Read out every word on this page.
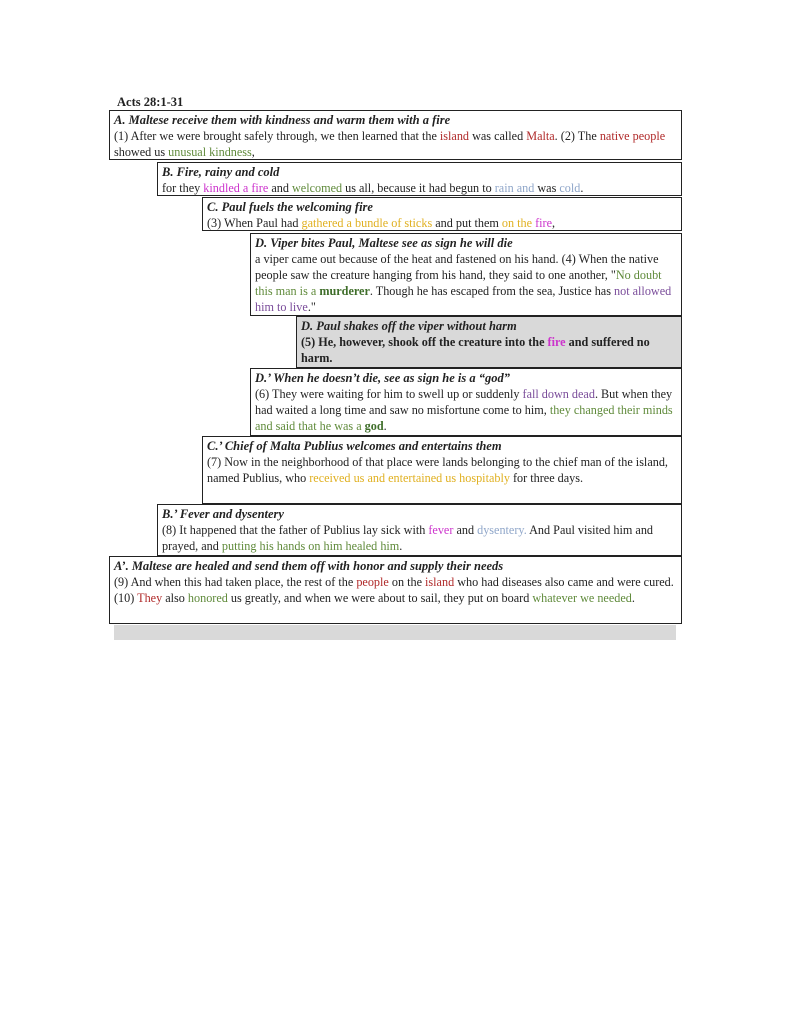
Acts 28:1-31
A. Maltese receive them with kindness and warm them with a fire
(1) After we were brought safely through, we then learned that the island was called Malta. (2) The native people showed us unusual kindness,
B. Fire, rainy and cold
for they kindled a fire and welcomed us all, because it had begun to rain and was cold.
C. Paul fuels the welcoming fire
(3) When Paul had gathered a bundle of sticks and put them on the fire,
D. Viper bites Paul, Maltese see as sign he will die
a viper came out because of the heat and fastened on his hand. (4) When the native people saw the creature hanging from his hand, they said to one another, "No doubt this man is a murderer. Though he has escaped from the sea, Justice has not allowed him to live."
D. Paul shakes off the viper without harm
(5) He, however, shook off the creature into the fire and suffered no harm.
D.’ When he doesn’t die, see as sign he is a “god”
(6) They were waiting for him to swell up or suddenly fall down dead. But when they had waited a long time and saw no misfortune come to him, they changed their minds and said that he was a god.
C.’ Chief of Malta Publius welcomes and entertains them
(7) Now in the neighborhood of that place were lands belonging to the chief man of the island, named Publius, who received us and entertained us hospitably for three days.
B.’ Fever and dysentery
(8) It happened that the father of Publius lay sick with fever and dysentery. And Paul visited him and prayed, and putting his hands on him healed him.
A’. Maltese are healed and send them off with honor and supply their needs
(9) And when this had taken place, the rest of the people on the island who had diseases also came and were cured. (10) They also honored us greatly, and when we were about to sail, they put on board whatever we needed.
